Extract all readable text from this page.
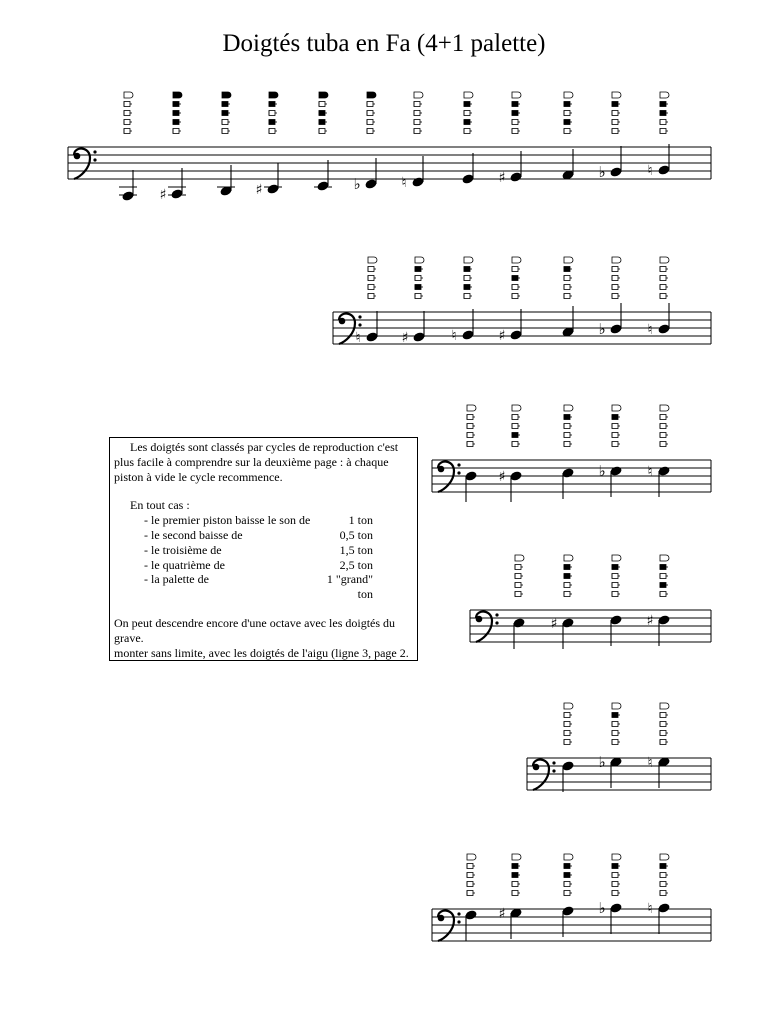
Doigtés tuba en Fa (4+1 palette)
♯	♯	♭	♮	♯	♭	♮
♮	♯	♮	♯	♭	♮
♯	♭	♮
♯	♯
♭	♮
♯	♭	♮
Les doigtés sont classés par cycles de reproduction c'est plus facile à comprendre sur la deuxième page : à chaque piston à vide le cycle recommence.
En tout cas :
- le premier piston baisse le son de	1 ton
- le second baisse de	0,5 ton
- le troisième de	1,5 ton
- le quatrième de	2,5 ton
- la palette de	1 "grand" ton
On peut descendre encore d'une octave avec les doigtés du grave.
monter sans limite, avec les doigtés de l'aigu (ligne 3, page 2.
